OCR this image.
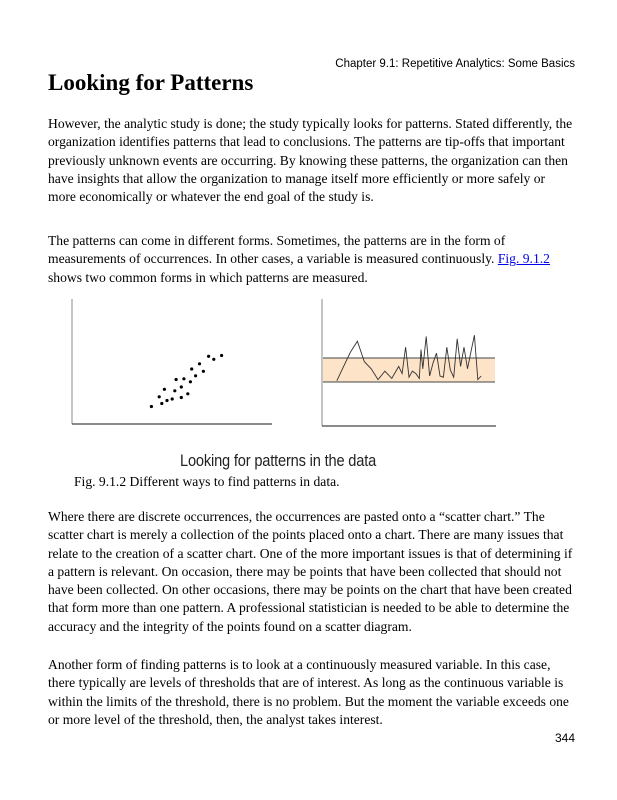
Chapter 9.1: Repetitive Analytics: Some Basics
Looking for Patterns

However, the analytic study is done; the study typically looks for patterns. Stated differently, the organization identifies patterns that lead to conclusions. The patterns are tip-offs that important previously unknown events are occurring. By knowing these patterns, the organization can then have insights that allow the organization to manage itself more efficiently or more safely or more economically or whatever the end goal of the study is.

The patterns can come in different forms. Sometimes, the patterns are in the form of measurements of occurrences. In other cases, a variable is measured continuously. Fig. 9.1.2 shows two common forms in which patterns are measured.

Looking for patterns in the data
Fig. 9.1.2 Different ways to find patterns in data.

Where there are discrete occurrences, the occurrences are pasted onto a “scatter chart.” The scatter chart is merely a collection of the points placed onto a chart. There are many issues that relate to the creation of a scatter chart. One of the more important issues is that of determining if a pattern is relevant. On occasion, there may be points that have been collected that should not have been collected. On other occasions, there may be points on the chart that have been created that form more than one pattern. A professional statistician is needed to be able to determine the accuracy and the integrity of the points found on a scatter diagram.

Another form of finding patterns is to look at a continuously measured variable. In this case, there typically are levels of thresholds that are of interest. As long as the continuous variable is within the limits of the threshold, there is no problem. But the moment the variable exceeds one or more level of the threshold, then, the analyst takes interest.

344
